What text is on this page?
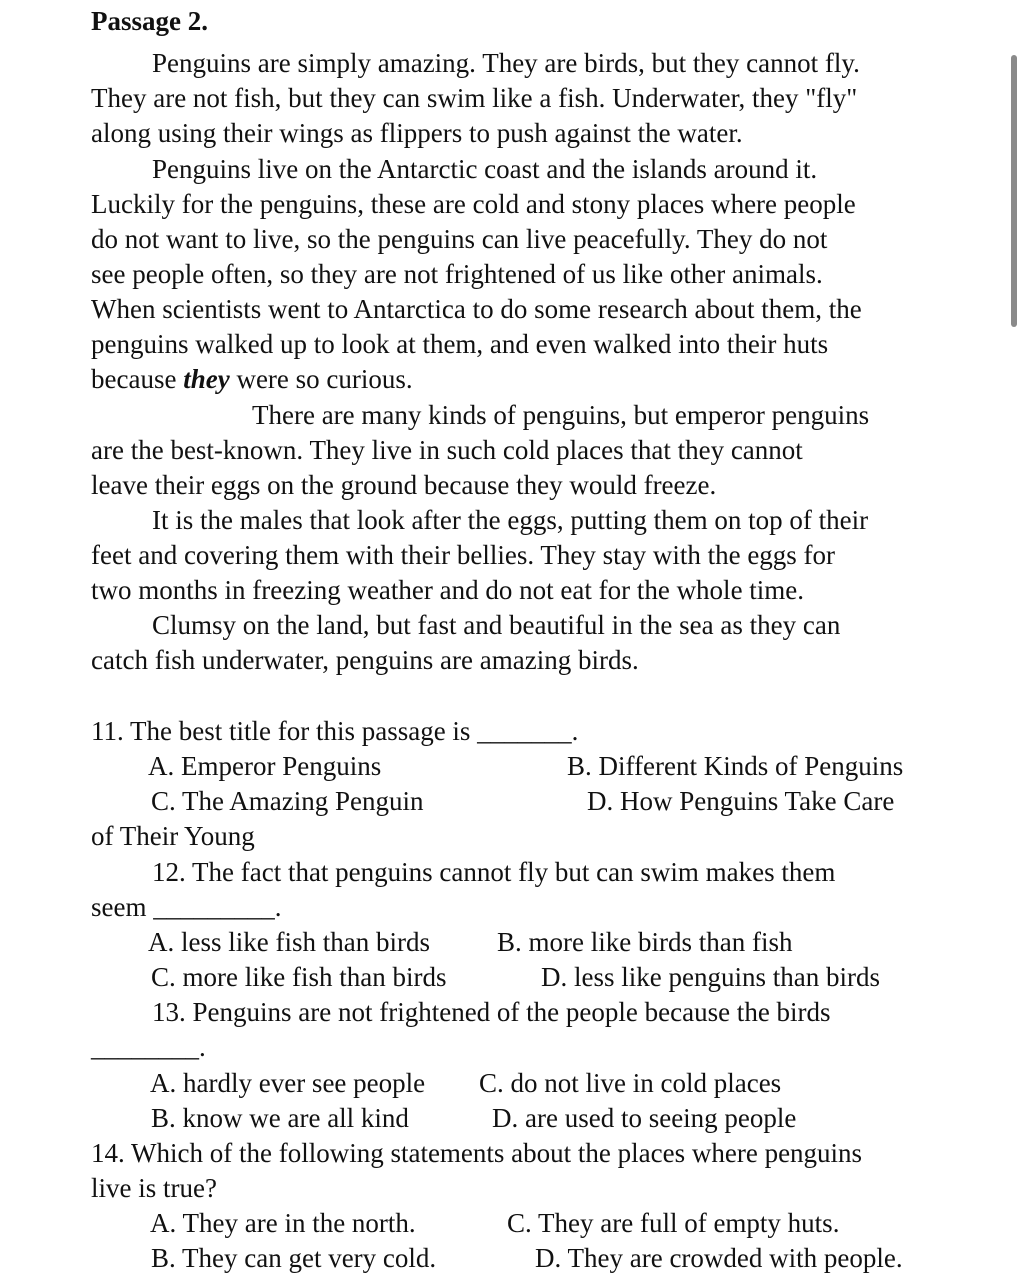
Passage 2.
Penguins are simply amazing. They are birds, but they cannot fly.
They are not fish, but they can swim like a fish. Underwater, they "fly"
along using their wings as flippers to push against the water.
Penguins live on the Antarctic coast and the islands around it.
Luckily for the penguins, these are cold and stony places where people
do not want to live, so the penguins can live peacefully. They do not
see people often, so they are not frightened of us like other animals.
When scientists went to Antarctica to do some research about them, the
penguins walked up to look at them, and even walked into their huts
because they were so curious.
There are many kinds of penguins, but emperor penguins
are the best-known. They live in such cold places that they cannot
leave their eggs on the ground because they would freeze.
It is the males that look after the eggs, putting them on top of their
feet and covering them with their bellies. They stay with the eggs for
two months in freezing weather and do not eat for the whole time.
Clumsy on the land, but fast and beautiful in the sea as they can
catch fish underwater, penguins are amazing birds.
11. The best title for this passage is _______.
A. Emperor Penguins	B. Different Kinds of Penguins
C. The Amazing Penguin	D. How Penguins Take Care
of Their Young
12. The fact that penguins cannot fly but can swim makes them
seem _________.
A. less like fish than birds B. more like birds than fish
C. more like fish than birds	D. less like penguins than birds
13. Penguins are not frightened of the people because the birds
________.
A. hardly ever see people C. do not live in cold places
B. know we are all kind	D. are used to seeing people
14. Which of the following statements about the places where penguins
live is true?
A. They are in the north.	C. They are full of empty huts.
B. They can get very cold.	D. They are crowded with people.
